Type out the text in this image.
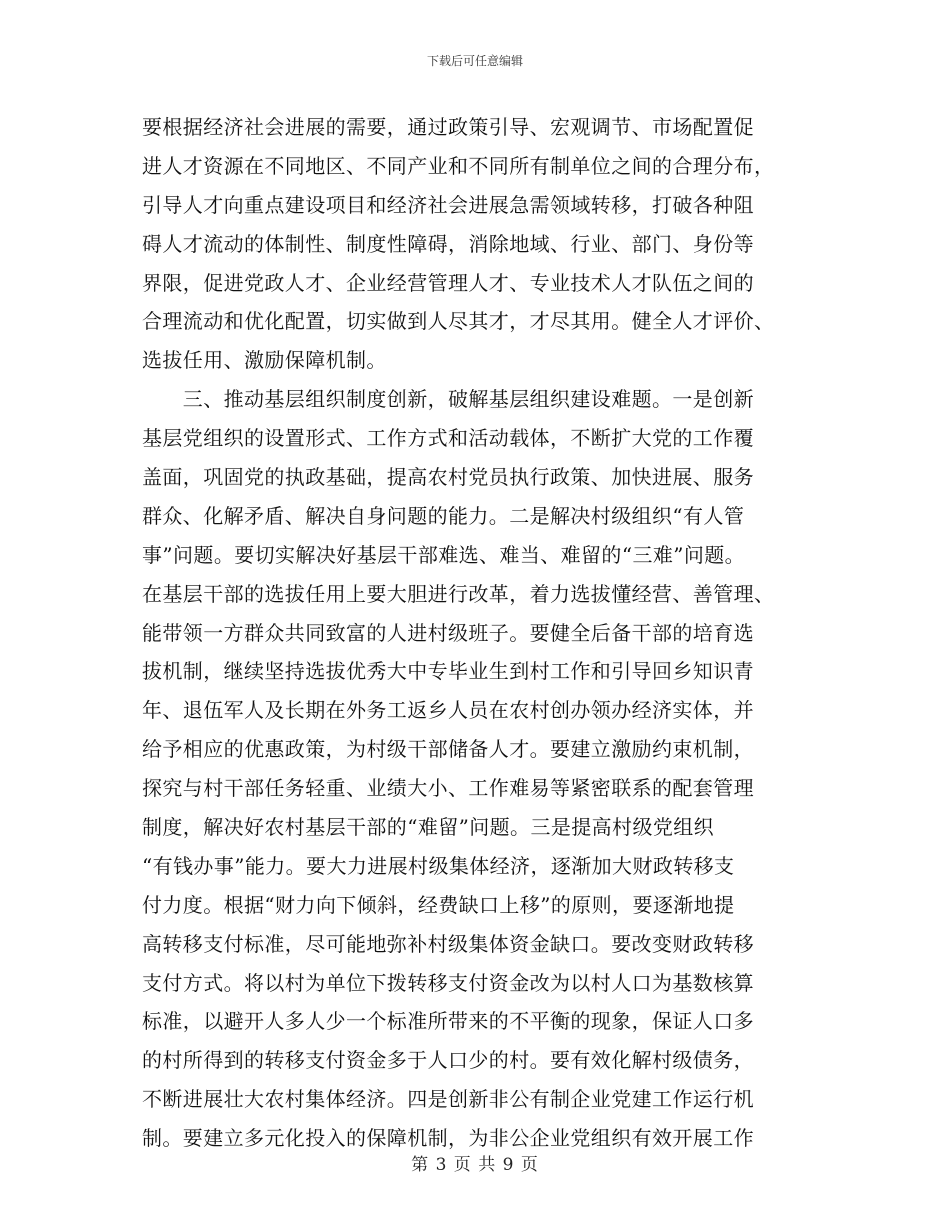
下载后可任意编辑
要根据经济社会进展的需要，通过政策引导、宏观调节、市场配置促
进人才资源在不同地区、不同产业和不同所有制单位之间的合理分布，
引导人才向重点建设项目和经济社会进展急需领域转移，打破各种阻
碍人才流动的体制性、制度性障碍，消除地域、行业、部门、身份等
界限，促进党政人才、企业经营管理人才、专业技术人才队伍之间的
合理流动和优化配置，切实做到人尽其才，才尽其用。健全人才评价、
选拔任用、激励保障机制。
　　三、推动基层组织制度创新，破解基层组织建设难题。一是创新
基层党组织的设置形式、工作方式和活动载体，不断扩大党的工作覆
盖面，巩固党的执政基础，提高农村党员执行政策、加快进展、服务
群众、化解矛盾、解决自身问题的能力。二是解决村级组织“有人管
事”问题。要切实解决好基层干部难选、难当、难留的“三难”问题。
在基层干部的选拔任用上要大胆进行改革，着力选拔懂经营、善管理、
能带领一方群众共同致富的人进村级班子。要健全后备干部的培育选
拔机制，继续坚持选拔优秀大中专毕业生到村工作和引导回乡知识青
年、退伍军人及长期在外务工返乡人员在农村创办领办经济实体，并
给予相应的优惠政策，为村级干部储备人才。要建立激励约束机制，
探究与村干部任务轻重、业绩大小、工作难易等紧密联系的配套管理
制度，解决好农村基层干部的“难留”问题。三是提高村级党组织
“有钱办事”能力。要大力进展村级集体经济，逐渐加大财政转移支
付力度。根据“财力向下倾斜，经费缺口上移”的原则，要逐渐地提
高转移支付标准，尽可能地弥补村级集体资金缺口。要改变财政转移
支付方式。将以村为单位下拨转移支付资金改为以村人口为基数核算
标准，以避开人多人少一个标准所带来的不平衡的现象，保证人口多
的村所得到的转移支付资金多于人口少的村。要有效化解村级债务，
不断进展壮大农村集体经济。四是创新非公有制企业党建工作运行机
制。要建立多元化投入的保障机制，为非公企业党组织有效开展工作
第 3 页 共 9 页
